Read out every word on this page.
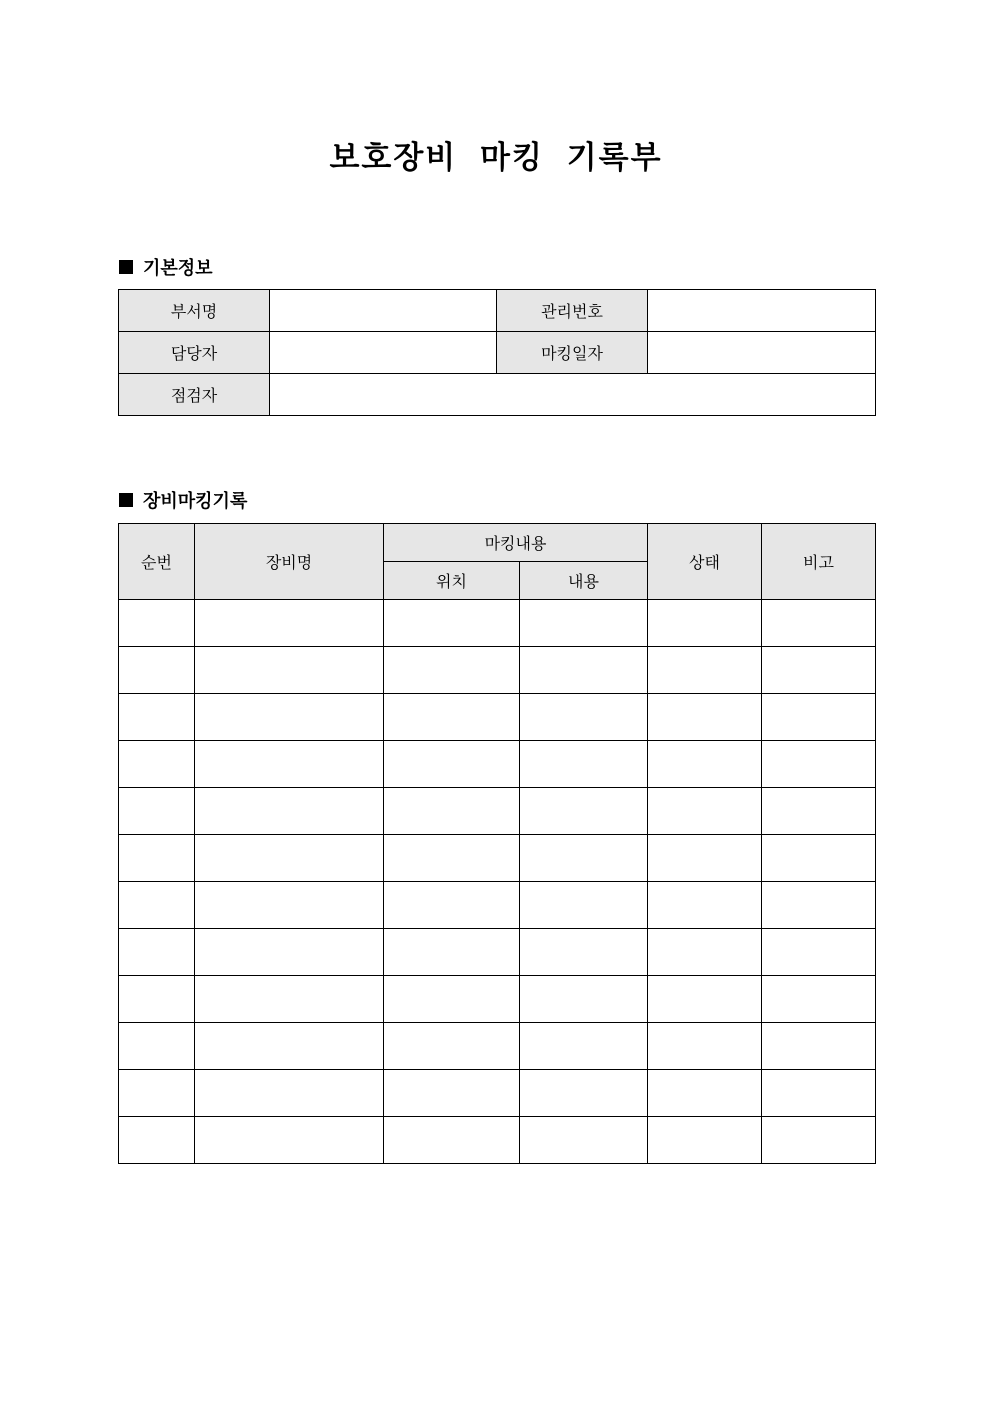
보호장비 마킹 기록부
기본정보
부서명		관리번호	
담당자		마킹일자	
점검자			
장비마킹기록
순번	장비명	마킹내용		상태	비고
		위치	내용		
